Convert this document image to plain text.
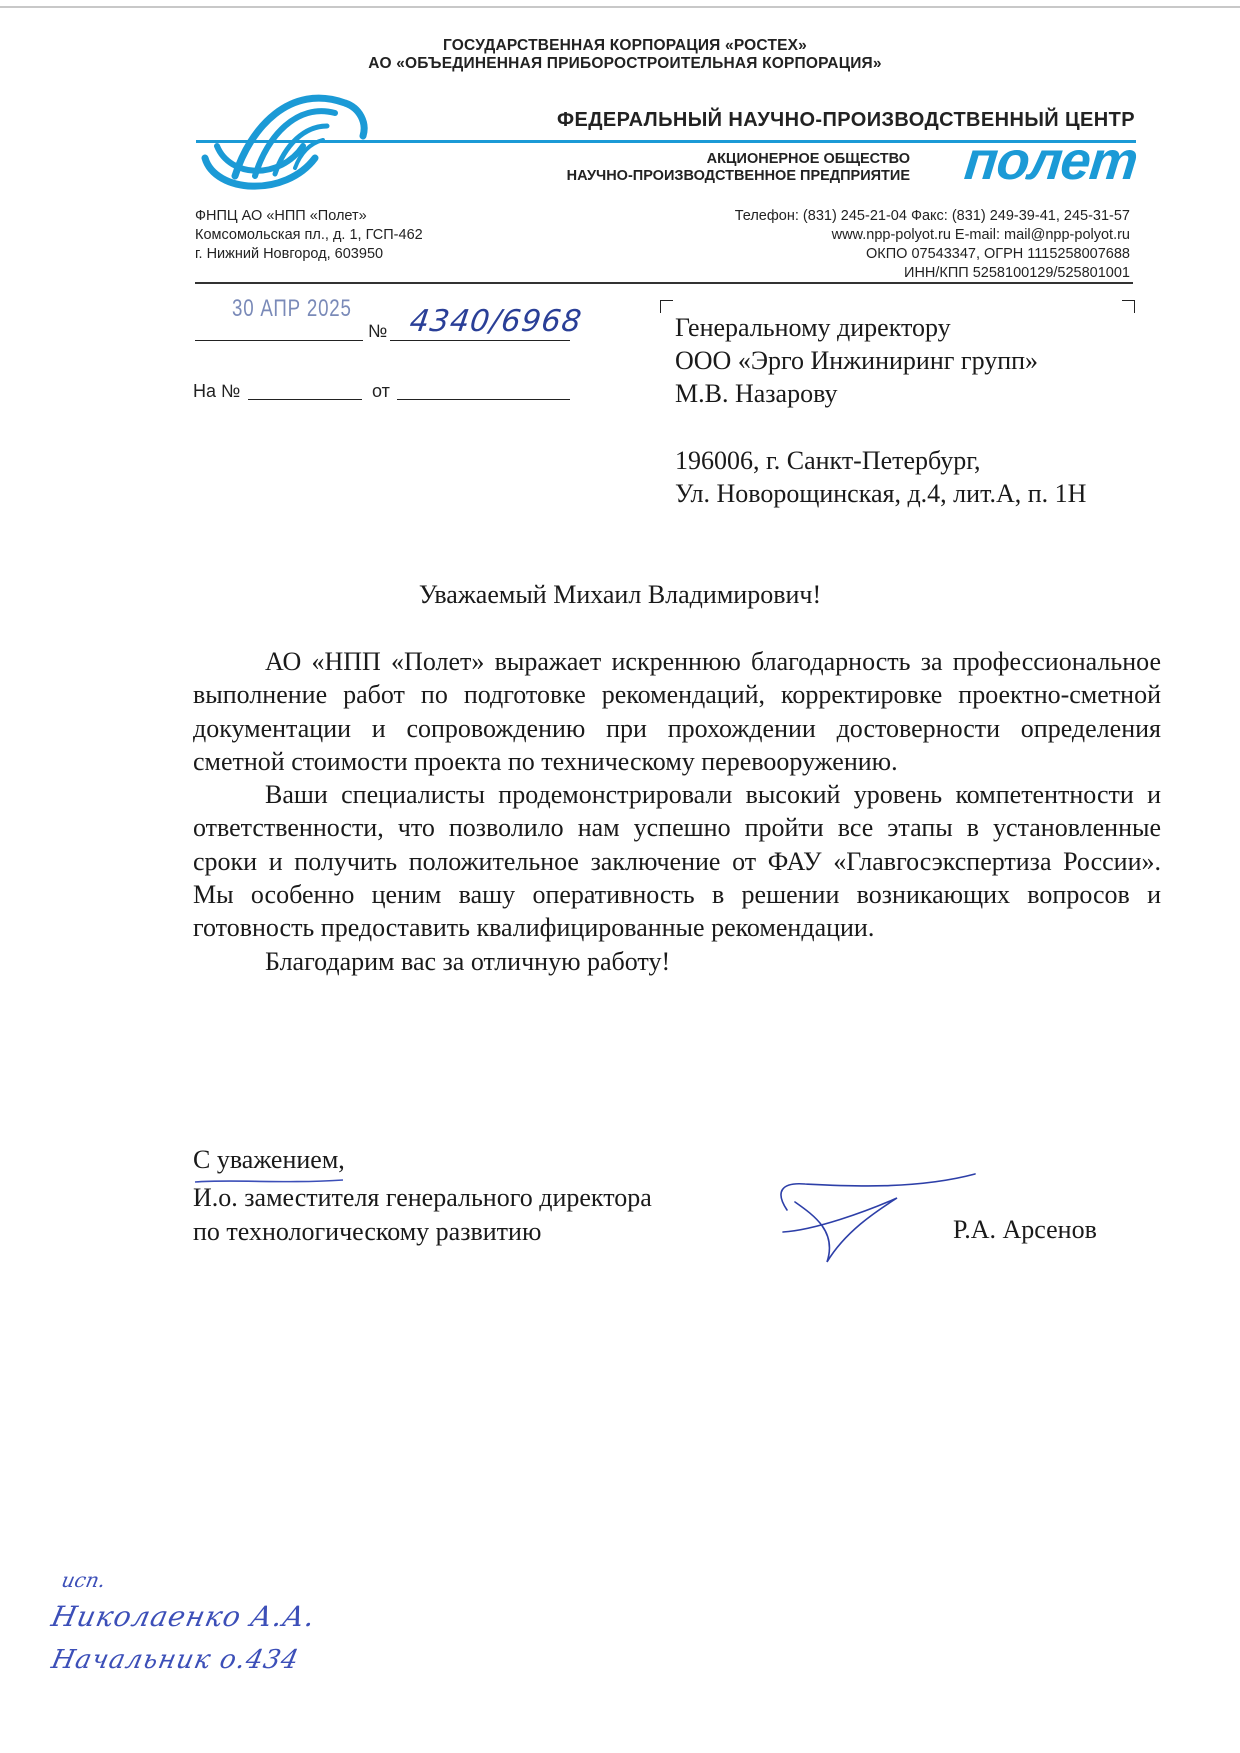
ГОСУДАРСТВЕННАЯ КОРПОРАЦИЯ «РОСТЕХ»
АО «ОБЪЕДИНЕННАЯ ПРИБОРОСТРОИТЕЛЬНАЯ КОРПОРАЦИЯ»
ФЕДЕРАЛЬНЫЙ НАУЧНО-ПРОИЗВОДСТВЕННЫЙ ЦЕНТР
АКЦИОНЕРНОЕ ОБЩЕСТВО
НАУЧНО-ПРОИЗВОДСТВЕННОЕ ПРЕДПРИЯТИЕ полет
ФНПЦ АО «НПП «Полет»
Комсомольская пл., д. 1, ГСП-462
г. Нижний Новгород, 603950
Телефон: (831) 245-21-04 Факс: (831) 249-39-41, 245-31-57
www.npp-polyot.ru E-mail: mail@npp-polyot.ru
ОКПО 07543347, ОГРН 1115258007688
ИНН/КПП 5258100129/525801001
30 АПР 2025
№ 4340/6968
На №	от
Генеральному директору
ООО «Эрго Инжиниринг групп»
М.В. Назарову
196006, г. Санкт-Петербург,
Ул. Новорощинская, д.4, лит.А, п. 1Н
Уважаемый Михаил Владимирович!

АО «НПП «Полет» выражает искреннюю благодарность за профессиональное выполнение работ по подготовке рекомендаций, корректировке проектно-сметной документации и сопровождению при прохождении достоверности определения сметной стоимости проекта по техническому перевооружению.

Ваши специалисты продемонстрировали высокий уровень компетентности и ответственности, что позволило нам успешно пройти все этапы в установленные сроки и получить положительное заключение от ФАУ «Главгосэкспертиза России». Мы особенно ценим вашу оперативность в решении возникающих вопросов и готовность предоставить квалифицированные рекомендации.

Благодарим вас за отличную работу!

С уважением,
И.о. заместителя генерального директора
по технологическому развитию	Р.А. Арсенов
исп.
Николаенко А.А.
Начальник о.434
